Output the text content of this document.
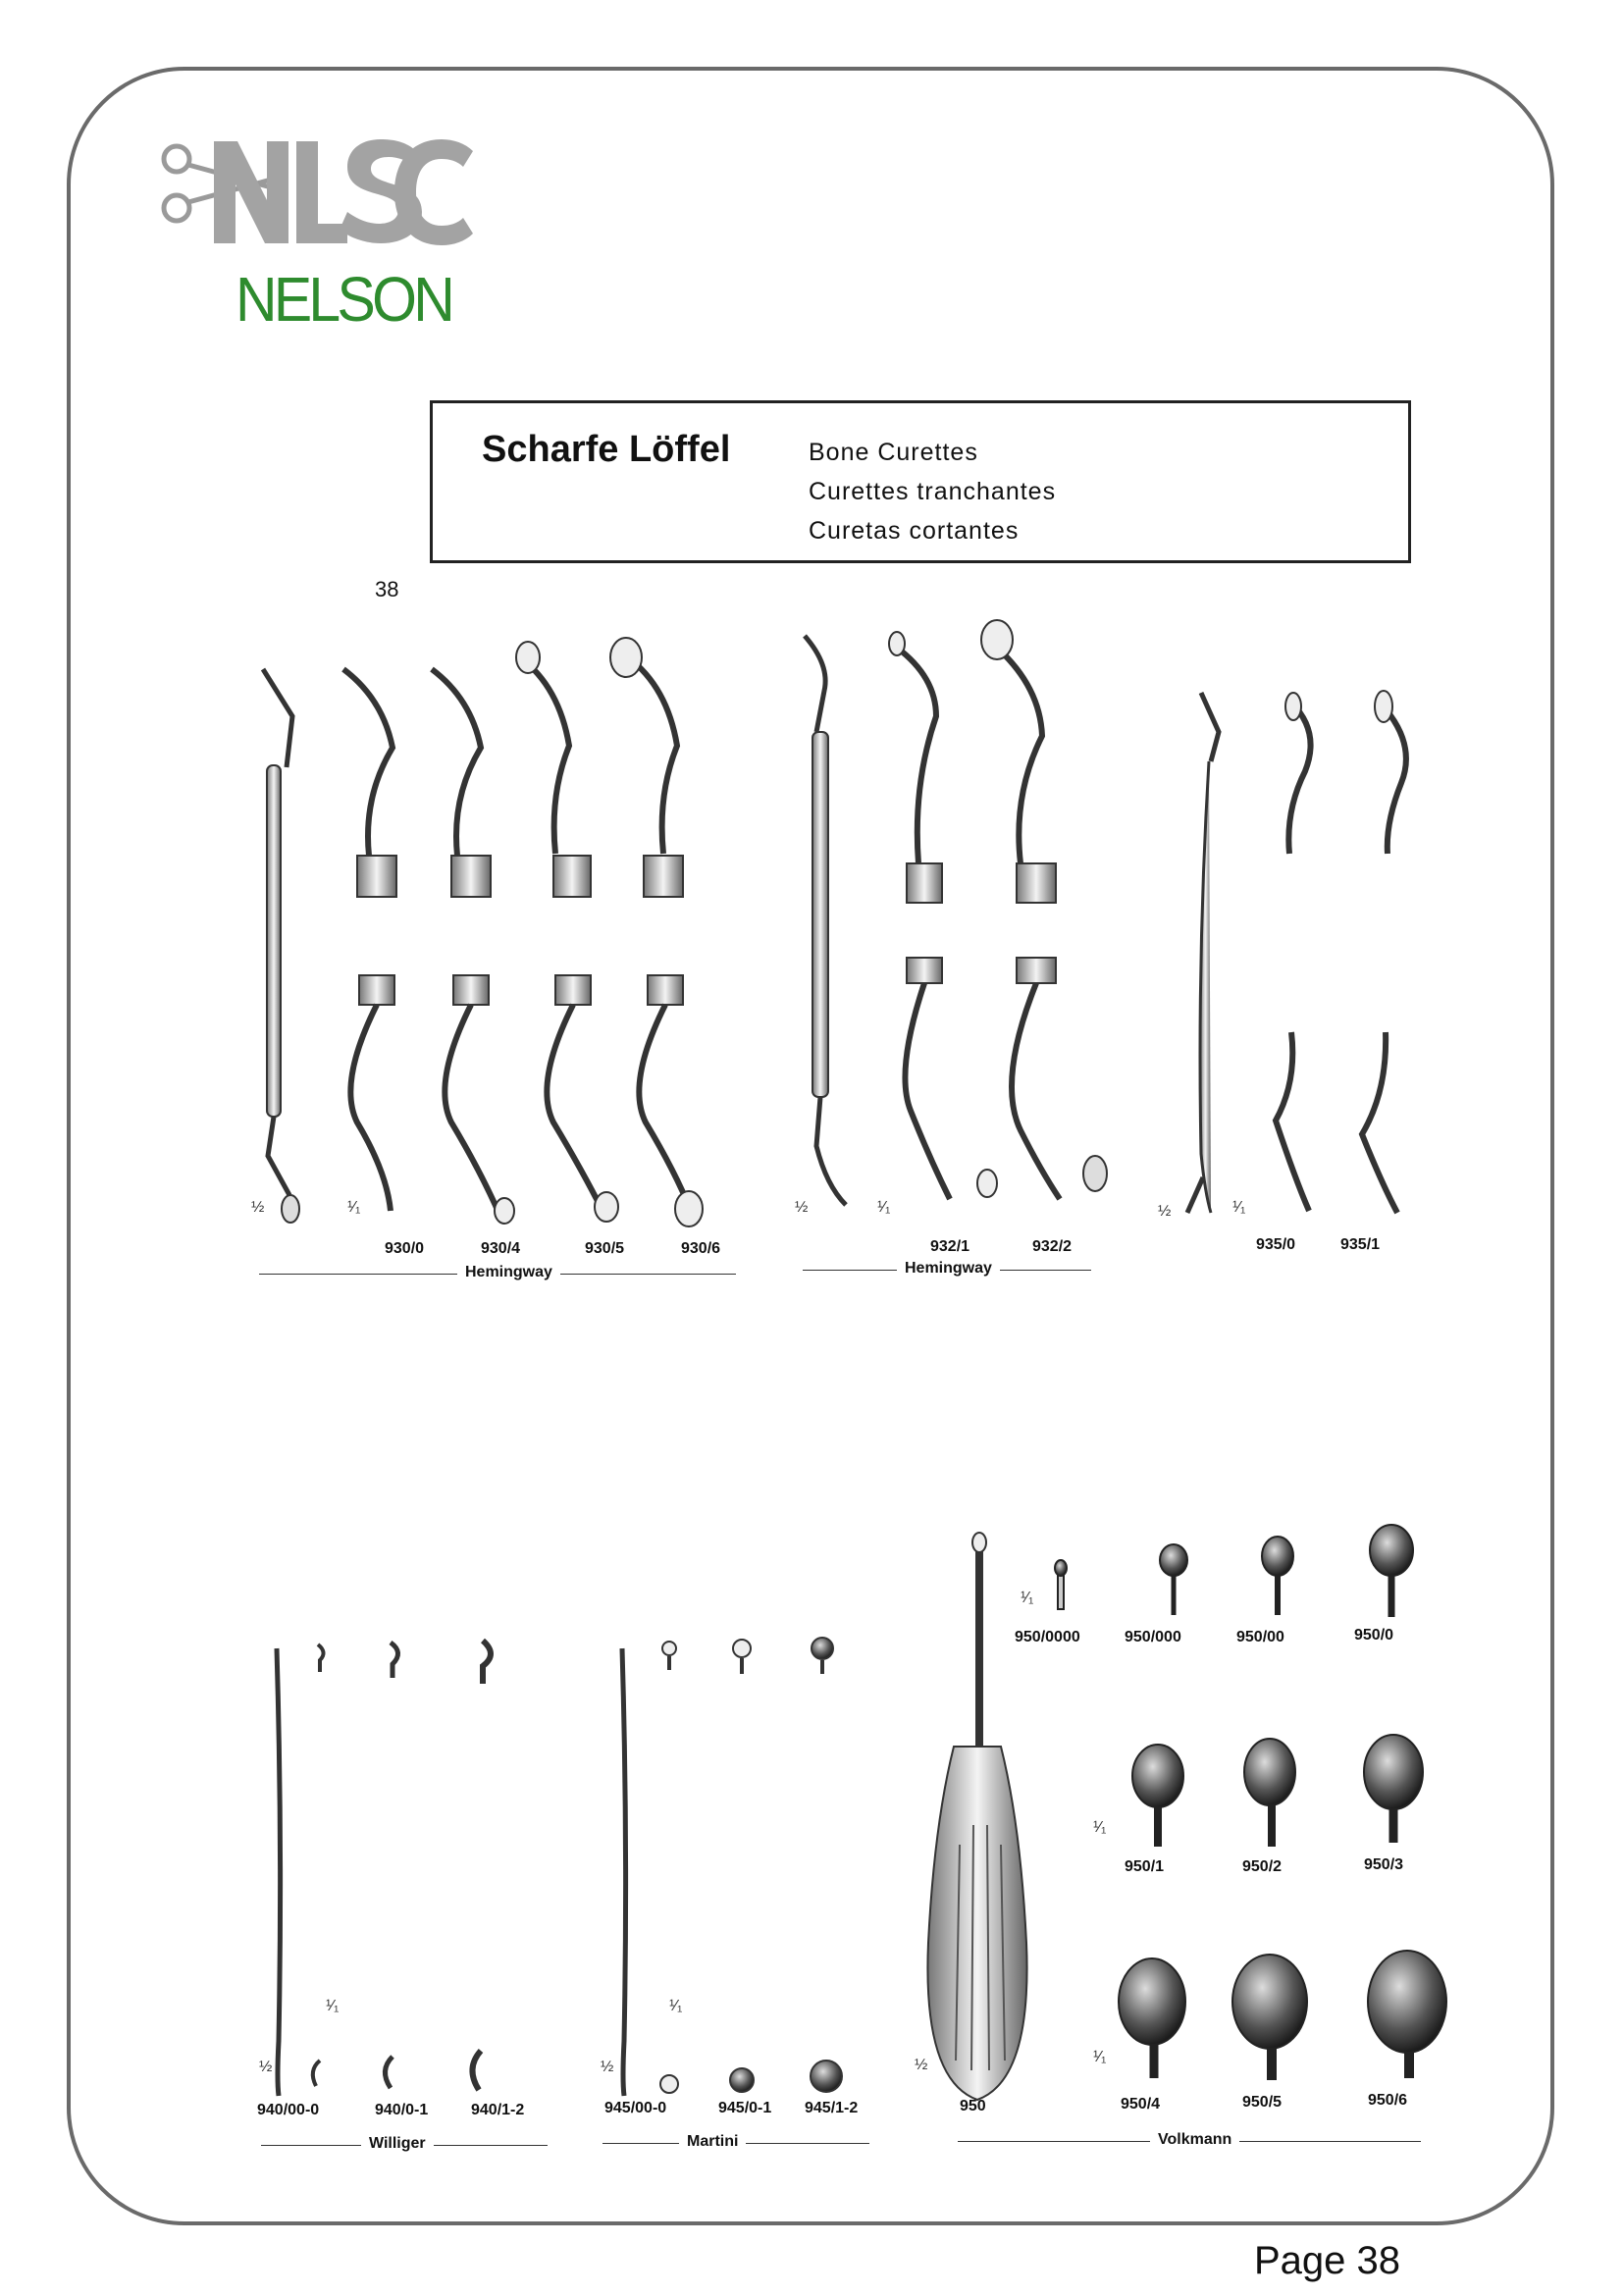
NELSON
Scharfe Löffel	Bone Curettes
Curettes tranchantes
Curetas cortantes
38
½	¹⁄₁	½	¹⁄₁	½	¹⁄₁
¹⁄₁
½
¹⁄₁
½	½
¹⁄₁
¹⁄₁
¹⁄₁
930/0	930/4	930/5	930/6
Hemingway
932/1	932/2
Hemingway
935/0	935/1
940/00-0	940/0-1	940/1-2
Williger
945/00-0	945/0-1 945/1-2
Martini
950
950/0000	950/000	950/00	950/0
950/1	950/2	950/3
950/4	950/5	950/6
Volkmann
Page 38
